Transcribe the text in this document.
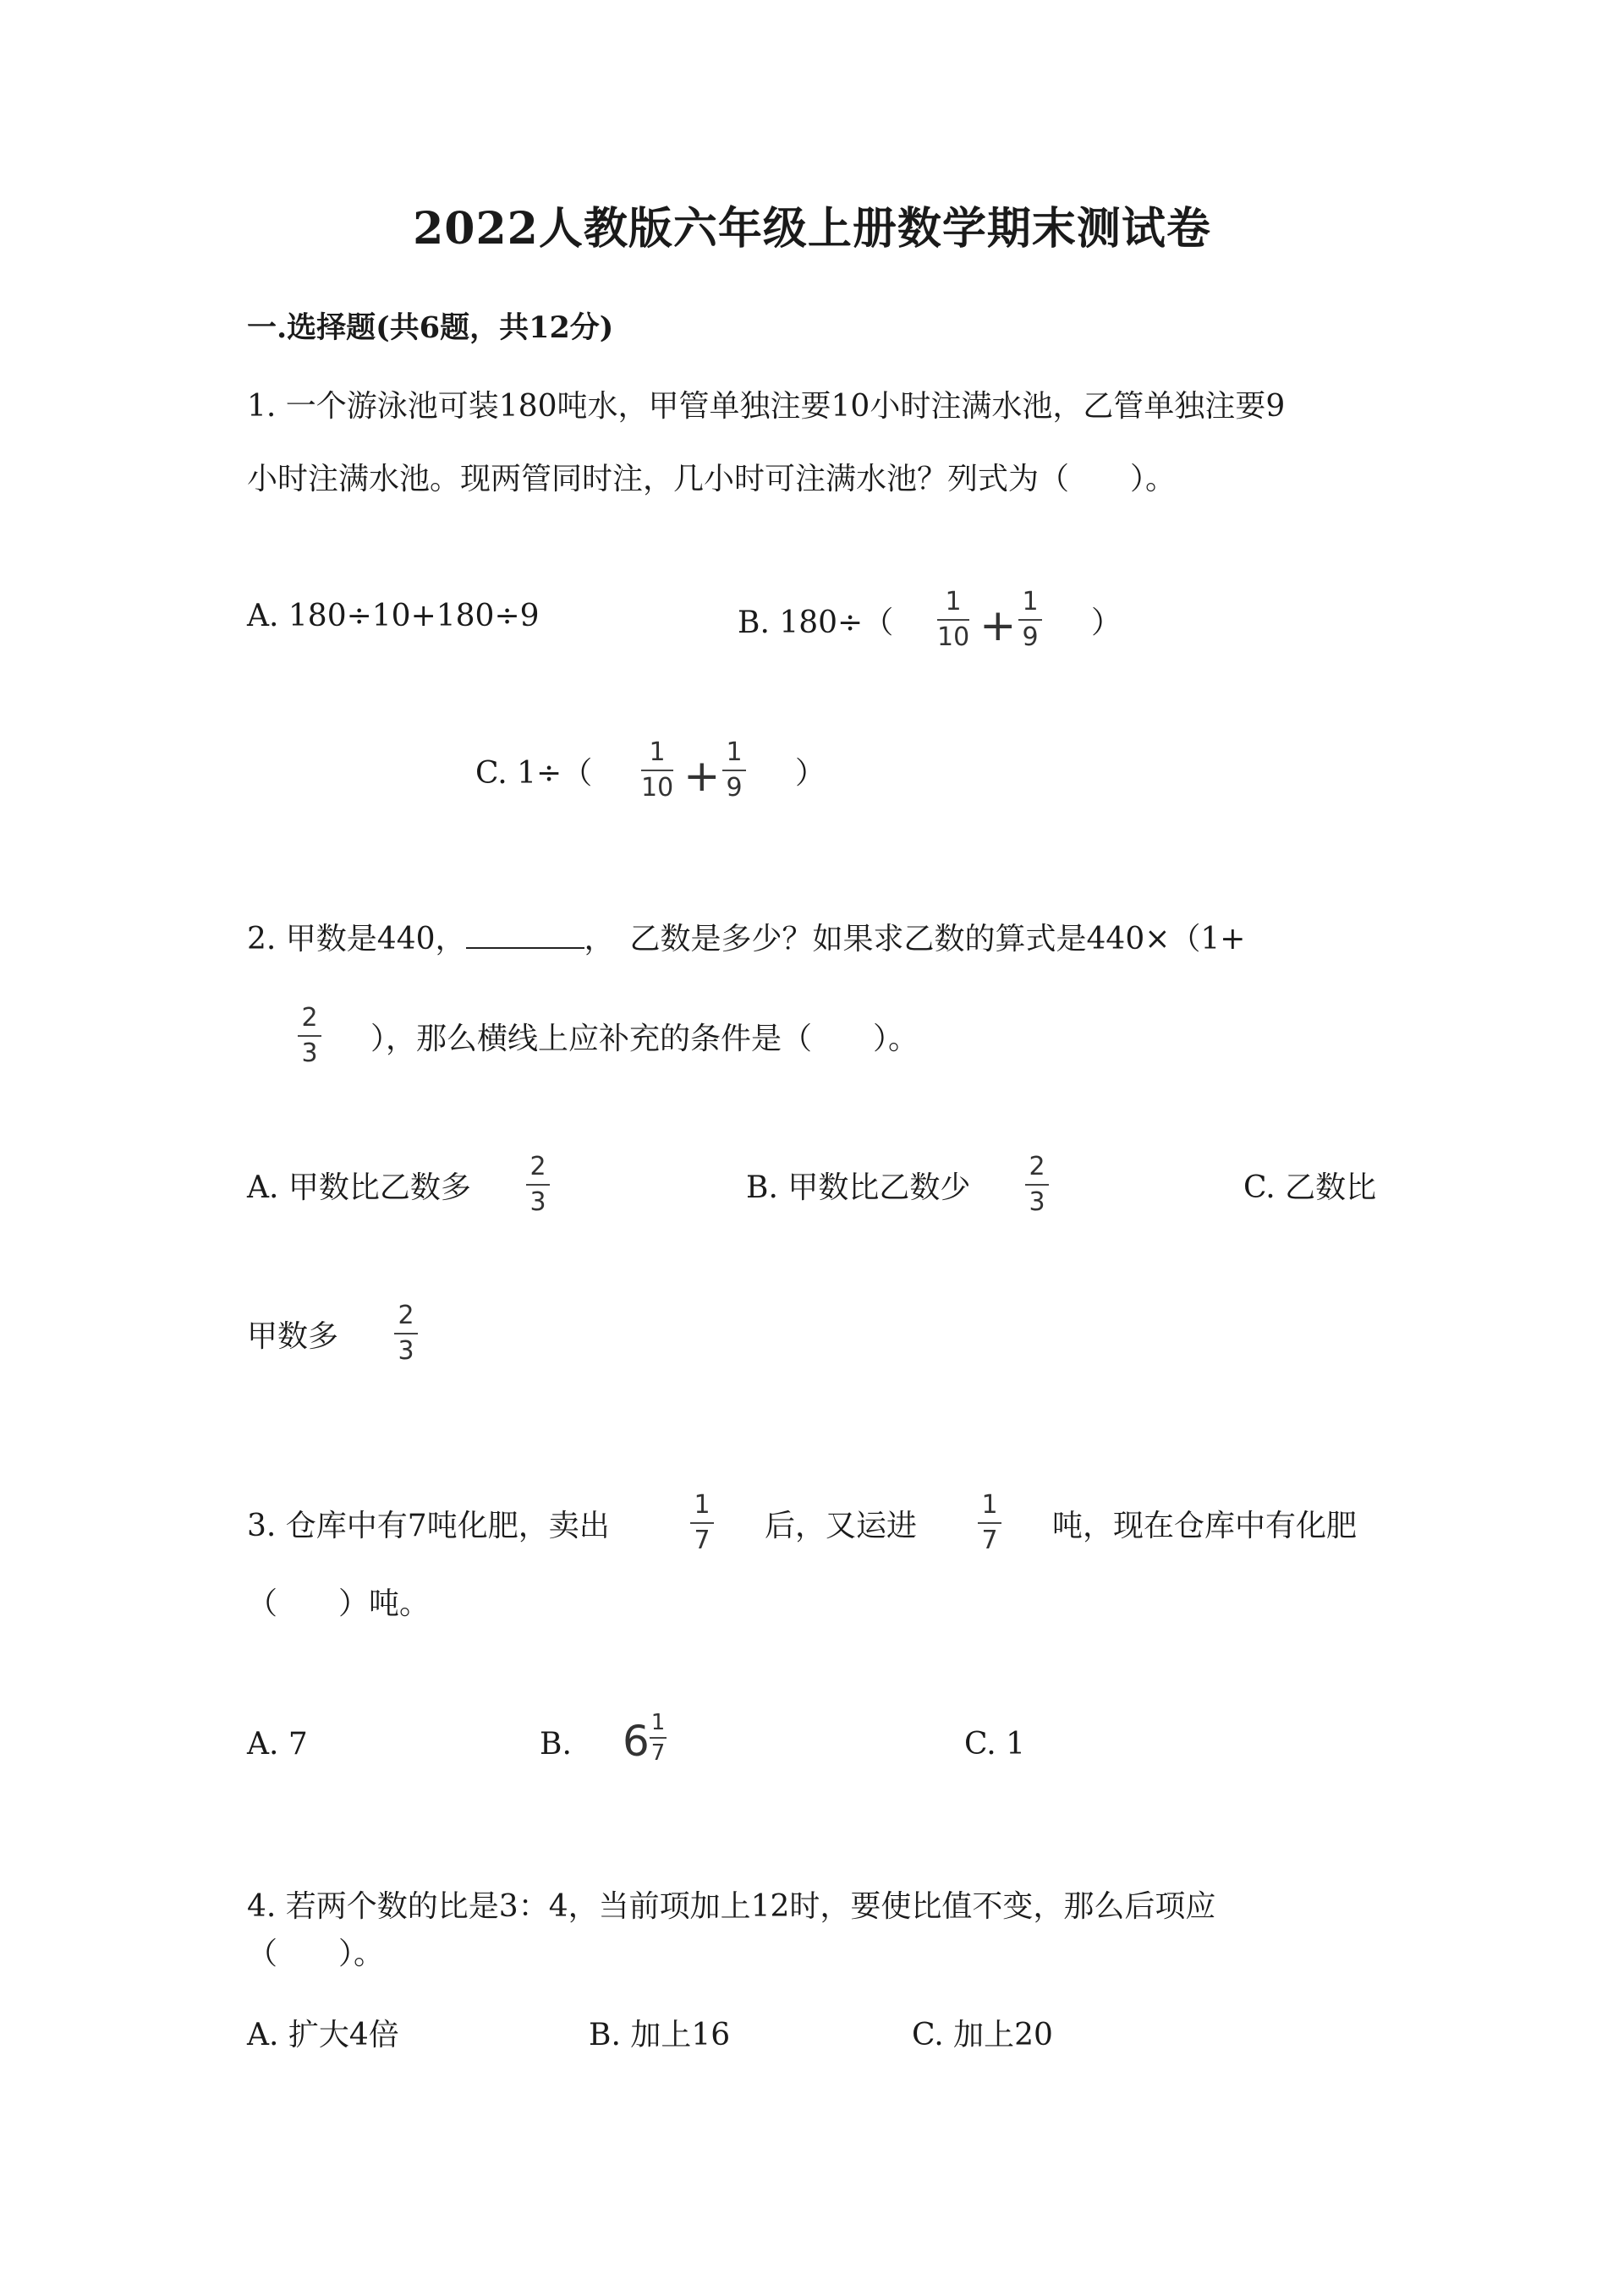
2022人教版六年级上册数学期末测试卷
一.选择题(共6题，共12分)
1. 一个游泳池可装180吨水，甲管单独注要10小时注满水池，乙管单独注要9
小时注满水池。现两管同时注，几小时可注满水池？列式为（　　）。
A. 180÷10+180÷9	B. 180÷（
1
10 + 1
9 ）
C. 1÷（
1
10 + 1
9 ）
2. 甲数是440，	，　乙数是多少？如果求乙数的算式是440×（1+
2
3 ），那么横线上应补充的条件是（　　）。
A. 甲数比乙数多
2
3	B. 甲数比乙数少
2
3	C. 乙数比
甲数多
2
3
3. 仓库中有7吨化肥，卖出
1
7 后，又运进
1
7 吨，现在仓库中有化肥
（　　）吨。
A. 7	B. 6 1
7	C. 1
4. 若两个数的比是3：4，当前项加上12时，要使比值不变，那么后项应
（　　）。
A. 扩大4倍	B. 加上16	C. 加上20
